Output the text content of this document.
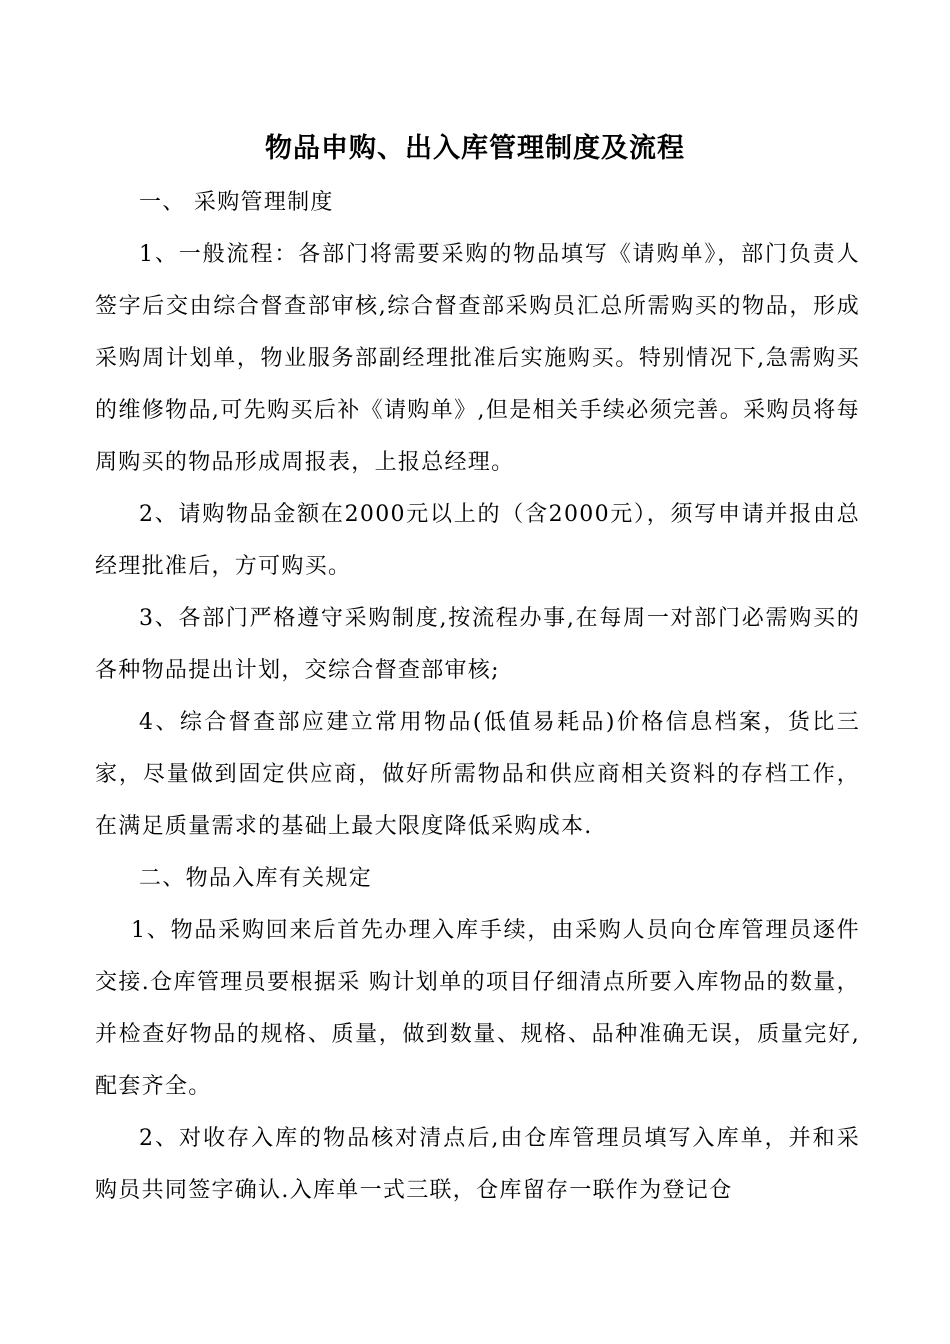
物品申购、出入库管理制度及流程

一、 采购管理制度

1、一般流程：各部门将需要采购的物品填写《请购单》，部门负责人签字后交由综合督查部审核,综合督查部采购员汇总所需购买的物品，形成采购周计划单，物业服务部副经理批准后实施购买。特别情况下,急需购买的维修物品,可先购买后补《请购单》,但是相关手续必须完善。采购员将每周购买的物品形成周报表，上报总经理。

2、请购物品金额在2000元以上的（含2000元），须写申请并报由总经理批准后，方可购买。

3、各部门严格遵守采购制度,按流程办事,在每周一对部门必需购买的各种物品提出计划，交综合督查部审核;

4、综合督查部应建立常用物品(低值易耗品)价格信息档案，货比三家，尽量做到固定供应商，做好所需物品和供应商相关资料的存档工作，在满足质量需求的基础上最大限度降低采购成本.

二、物品入库有关规定

1、物品采购回来后首先办理入库手续，由采购人员向仓库管理员逐件交接.仓库管理员要根据采 购计划单的项目仔细清点所要入库物品的数量，并检查好物品的规格、质量，做到数量、规格、品种准确无误，质量完好,配套齐全。

2、对收存入库的物品核对清点后,由仓库管理员填写入库单，并和采购员共同签字确认.入库单一式三联，仓库留存一联作为登记仓
